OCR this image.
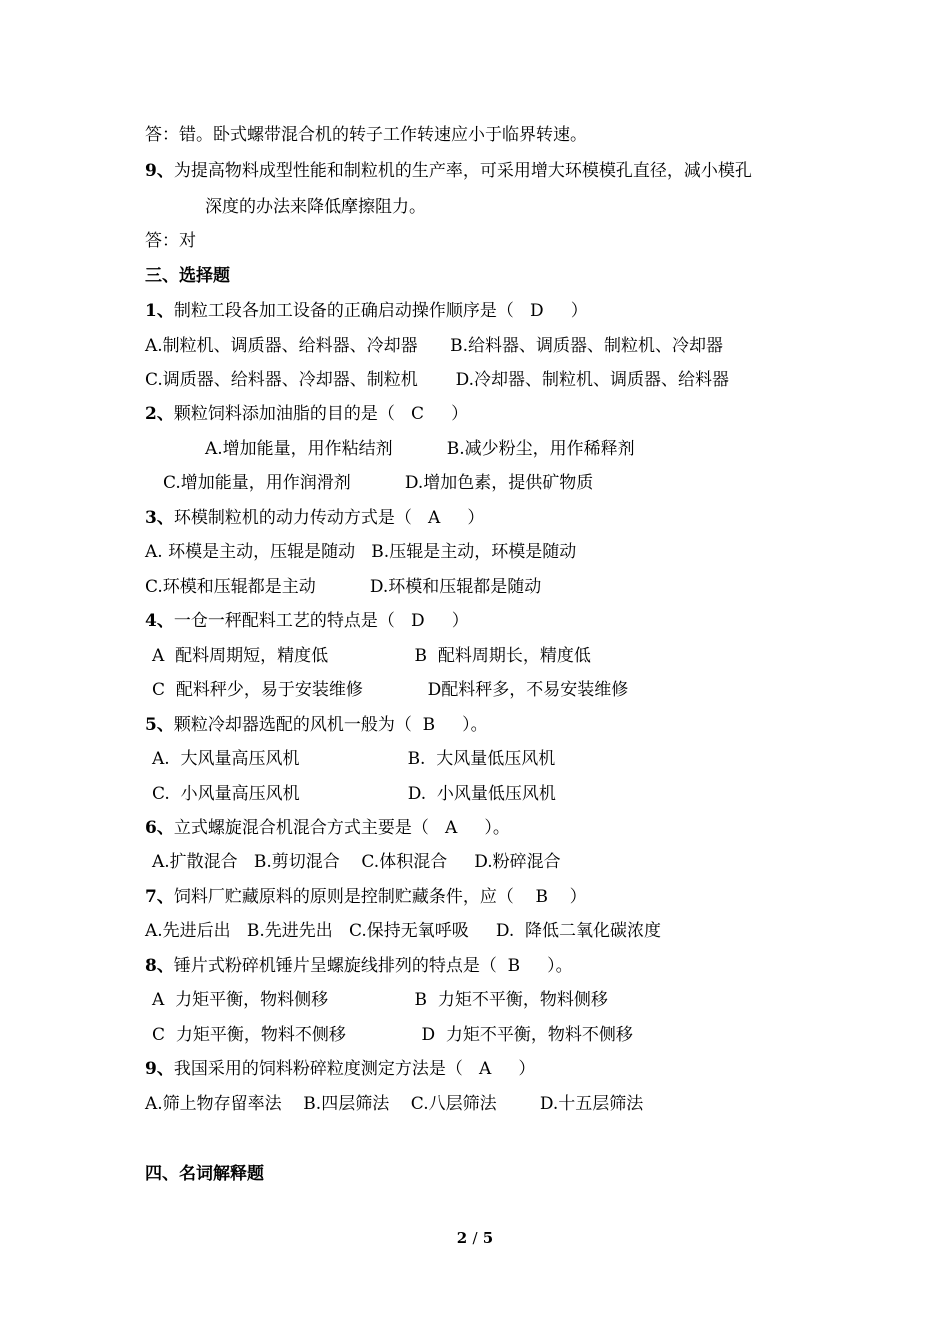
答：错。卧式螺带混合机的转子工作转速应小于临界转速。

9、为提高物料成型性能和制粒机的生产率，可采用增大环模模孔直径，减小模孔

深度的办法来降低摩擦阻力。

答：对

三、选择题

1、制粒工段各加工设备的正确启动操作顺序是（   D     ）

A.制粒机、调质器、给料器、冷却器      B.给料器、调质器、制粒机、冷却器

C.调质器、给料器、冷却器、制粒机       D.冷却器、制粒机、调质器、给料器

2、颗粒饲料添加油脂的目的是（   C     ）

A.增加能量，用作粘结剂          B.减少粉尘，用作稀释剂

C.增加能量，用作润滑剂          D.增加色素，提供矿物质

3、环模制粒机的动力传动方式是（   A     ）

A. 环模是主动，压辊是随动   B.压辊是主动，环模是随动

C.环模和压辊都是主动          D.环模和压辊都是随动

4、一仓一秤配料工艺的特点是（   D     ）

A  配料周期短，精度低                B  配料周期长，精度低

C  配料秤少，易于安装维修            D配料秤多，不易安装维修

5、颗粒冷却器选配的风机一般为（  B     ）。

A.  大风量高压风机                    B.  大风量低压风机

C.  小风量高压风机                    D.  小风量低压风机

6、立式螺旋混合机混合方式主要是（   A     ）。

A.扩散混合   B.剪切混合    C.体积混合     D.粉碎混合

7、饲料厂贮藏原料的原则是控制贮藏条件，应（    B    ）

A.先进后出   B.先进先出   C.保持无氧呼吸     D.  降低二氧化碳浓度

8、锤片式粉碎机锤片呈螺旋线排列的特点是（  B     ）。

A  力矩平衡，物料侧移                B  力矩不平衡，物料侧移

C  力矩平衡，物料不侧移              D  力矩不平衡，物料不侧移

9、我国采用的饲料粉碎粒度测定方法是（   A     ）

A.筛上物存留率法    B.四层筛法    C.八层筛法        D.十五层筛法

四、名词解释题

2 / 5
